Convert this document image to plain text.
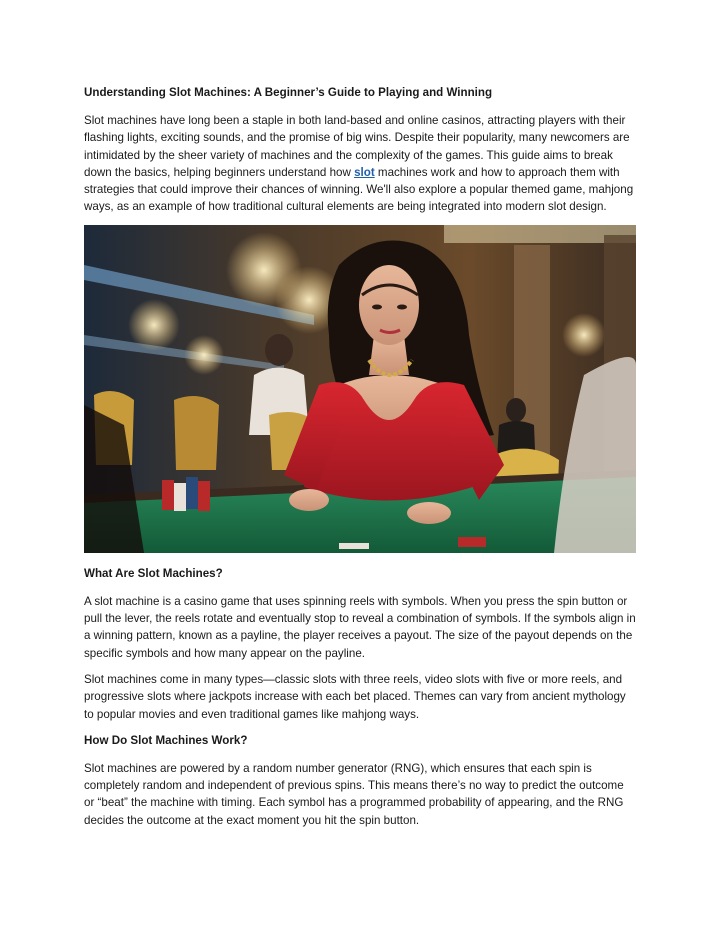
Understanding Slot Machines: A Beginner’s Guide to Playing and Winning

Slot machines have long been a staple in both land-based and online casinos, attracting players with their flashing lights, exciting sounds, and the promise of big wins. Despite their popularity, many newcomers are intimidated by the sheer variety of machines and the complexity of the games. This guide aims to break down the basics, helping beginners understand how slot machines work and how to approach them with strategies that could improve their chances of winning. We'll also explore a popular themed game, mahjong ways, as an example of how traditional cultural elements are being integrated into modern slot design.

What Are Slot Machines?

A slot machine is a casino game that uses spinning reels with symbols. When you press the spin button or pull the lever, the reels rotate and eventually stop to reveal a combination of symbols. If the symbols align in a winning pattern, known as a payline, the player receives a payout. The size of the payout depends on the specific symbols and how many appear on the payline.

Slot machines come in many types—classic slots with three reels, video slots with five or more reels, and progressive slots where jackpots increase with each bet placed. Themes can vary from ancient mythology to popular movies and even traditional games like mahjong ways.

How Do Slot Machines Work?

Slot machines are powered by a random number generator (RNG), which ensures that each spin is completely random and independent of previous spins. This means there’s no way to predict the outcome or “beat” the machine with timing. Each symbol has a programmed probability of appearing, and the RNG decides the outcome at the exact moment you hit the spin button.
